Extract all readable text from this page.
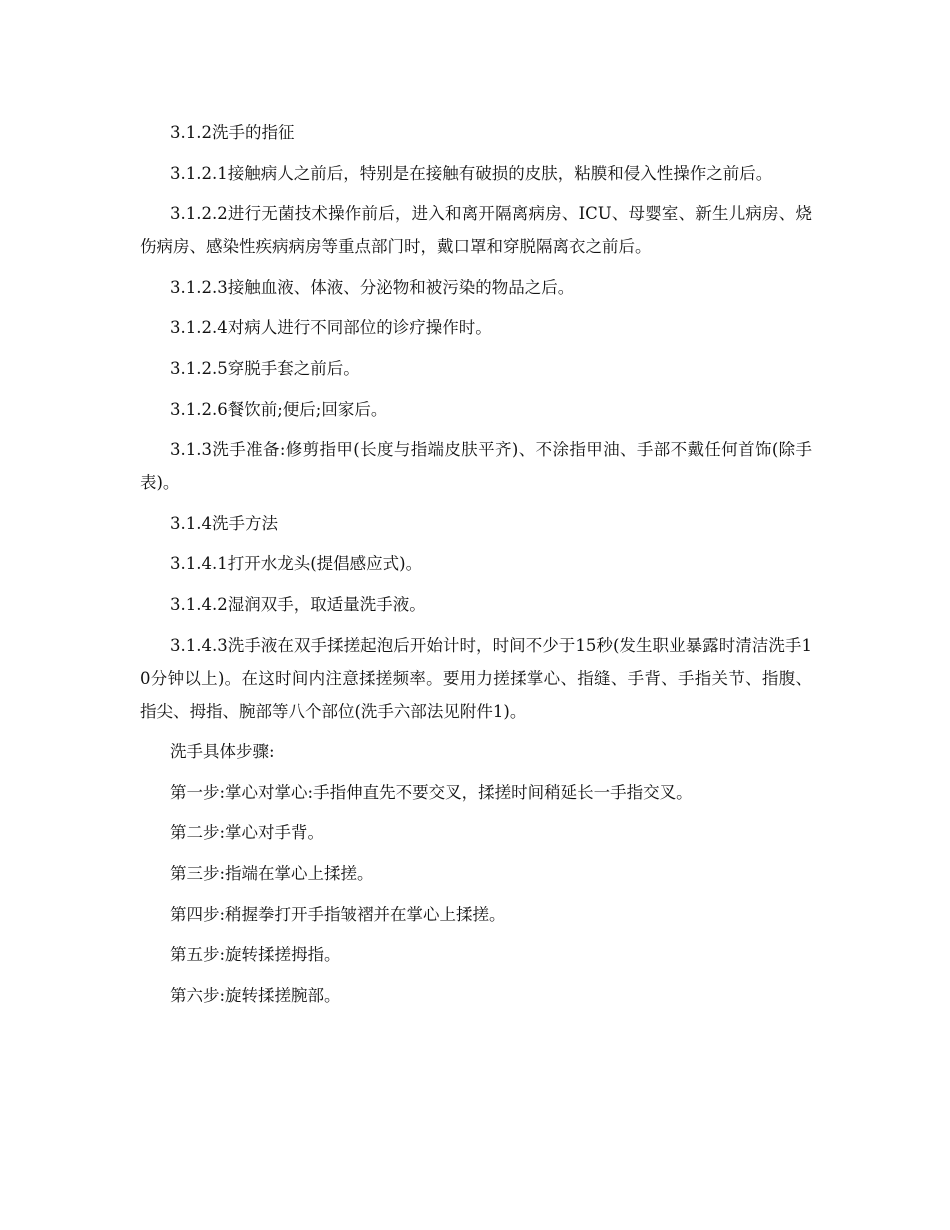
3.1.2洗手的指征

3.1.2.1接触病人之前后，特别是在接触有破损的皮肤，粘膜和侵入性操作之前后。

3.1.2.2进行无菌技术操作前后，进入和离开隔离病房、ICU、母婴室、新生儿病房、烧伤病房、感染性疾病病房等重点部门时，戴口罩和穿脱隔离衣之前后。

3.1.2.3接触血液、体液、分泌物和被污染的物品之后。

3.1.2.4对病人进行不同部位的诊疗操作时。

3.1.2.5穿脱手套之前后。

3.1.2.6餐饮前;便后;回家后。

3.1.3洗手准备:修剪指甲(长度与指端皮肤平齐)、不涂指甲油、手部不戴任何首饰(除手表)。

3.1.4洗手方法

3.1.4.1打开水龙头(提倡感应式)。

3.1.4.2湿润双手，取适量洗手液。

3.1.4.3洗手液在双手揉搓起泡后开始计时，时间不少于15秒(发生职业暴露时清洁洗手10分钟以上)。在这时间内注意揉搓频率。要用力搓揉掌心、指缝、手背、手指关节、指腹、指尖、拇指、腕部等八个部位(洗手六部法见附件1)。

洗手具体步骤:

第一步:掌心对掌心:手指伸直先不要交叉，揉搓时间稍延长一手指交叉。

第二步:掌心对手背。

第三步:指端在掌心上揉搓。

第四步:稍握拳打开手指皱褶并在掌心上揉搓。

第五步:旋转揉搓拇指。

第六步:旋转揉搓腕部。
